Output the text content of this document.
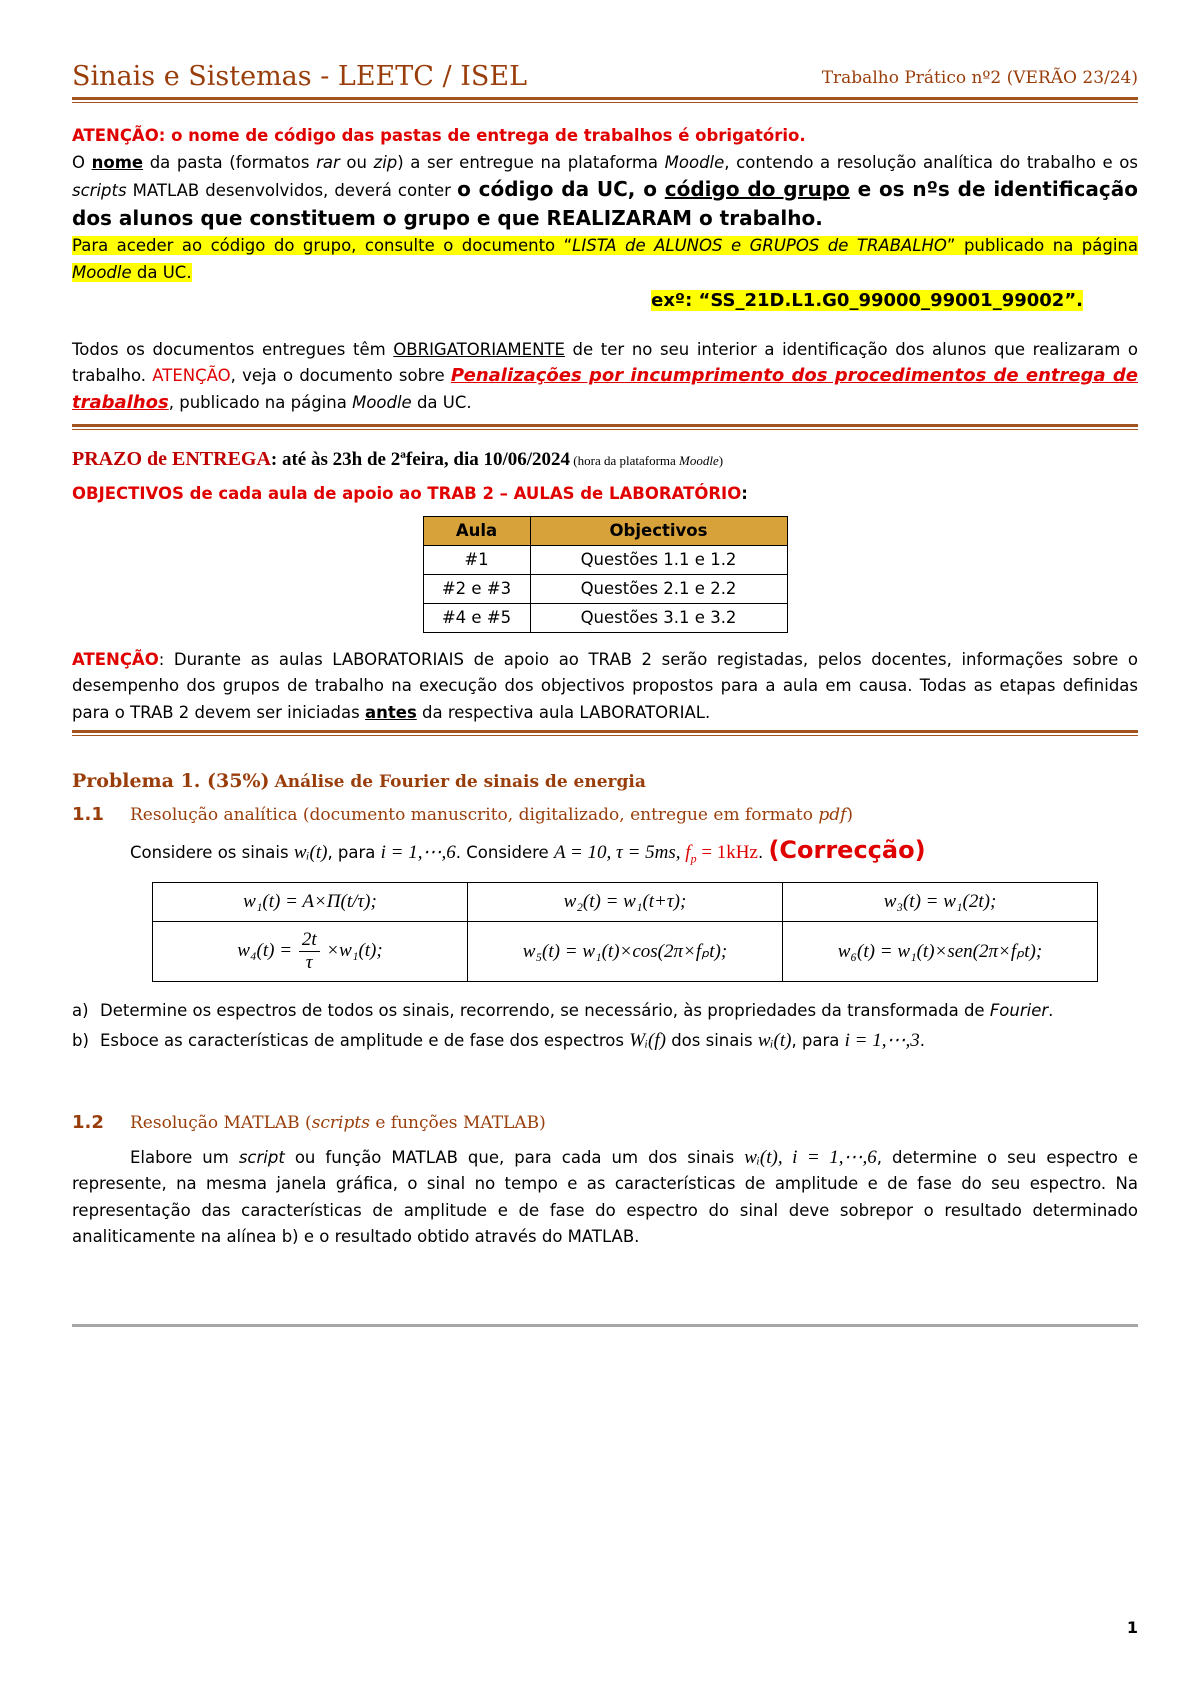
Sinais e Sistemas - LEETC / ISEL	Trabalho Prático nº2 (VERÃO 23/24)

ATENÇÃO: o nome de código das pastas de entrega de trabalhos é obrigatório.

O nome da pasta (formatos rar ou zip) a ser entregue na plataforma Moodle, contendo a resolução analítica do trabalho e os scripts MATLAB desenvolvidos, deverá conter o código da UC, o código do grupo e os nºs de identificação dos alunos que constituem o grupo e que REALIZARAM o trabalho.

Para aceder ao código do grupo, consulte o documento “LISTA de ALUNOS e GRUPOS de TRABALHO” publicado na página Moodle da UC.

exº: “SS_21D.L1.G0_99000_99001_99002”.

Todos os documentos entregues têm OBRIGATORIAMENTE de ter no seu interior a identificação dos alunos que realizaram o trabalho. ATENÇÃO, veja o documento sobre Penalizações por incumprimento dos procedimentos de entrega de trabalhos, publicado na página Moodle da UC.

PRAZO de ENTREGA: até às 23h de 2ªfeira, dia 10/06/2024 (hora da plataforma Moodle)

OBJECTIVOS de cada aula de apoio ao TRAB 2 – AULAS de LABORATÓRIO:

Aula	Objectivos
#1	Questões 1.1 e 1.2
#2 e #3	Questões 2.1 e 2.2
#4 e #5	Questões 3.1 e 3.2

ATENÇÃO: Durante as aulas LABORATORIAIS de apoio ao TRAB 2 serão registadas, pelos docentes, informações sobre o desempenho dos grupos de trabalho na execução dos objectivos propostos para a aula em causa. Todas as etapas definidas para o TRAB 2 devem ser iniciadas antes da respectiva aula LABORATORIAL.

Problema 1. (35%) Análise de Fourier de sinais de energia

1.1 Resolução analítica (documento manuscrito, digitalizado, entregue em formato pdf)

Considere os sinais wᵢ(t), para i = 1,⋯,6. Considere A = 10, τ = 5ms, $f_p = 1kHz$. (Correcção)

w₁(t) = A×Π(t/τ);	w₂(t) = w₁(t+τ);	w₃(t) = w₁(2t);
$w_4(t) = \frac{2t}{\tau} \times w_1(t)$;	w₅(t) = w₁(t)×cos(2π×fₚt);	w₆(t) = w₁(t)×sen(2π×fₚt);
a) Determine os espectros de todos os sinais, recorrendo, se necessário, às propriedades da transformada de Fourier.
b) Esboce as características de amplitude e de fase dos espectros Wᵢ(f) dos sinais wᵢ(t), para i = 1,⋯,3.

1.2 Resolução MATLAB (scripts e funções MATLAB)

Elabore um script ou função MATLAB que, para cada um dos sinais wᵢ(t), i = 1,⋯,6, determine o seu espectro e represente, na mesma janela gráfica, o sinal no tempo e as características de amplitude e de fase do seu espectro. Na representação das características de amplitude e de fase do espectro do sinal deve sobrepor o resultado determinado analiticamente na alínea b) e o resultado obtido através do MATLAB.

1
